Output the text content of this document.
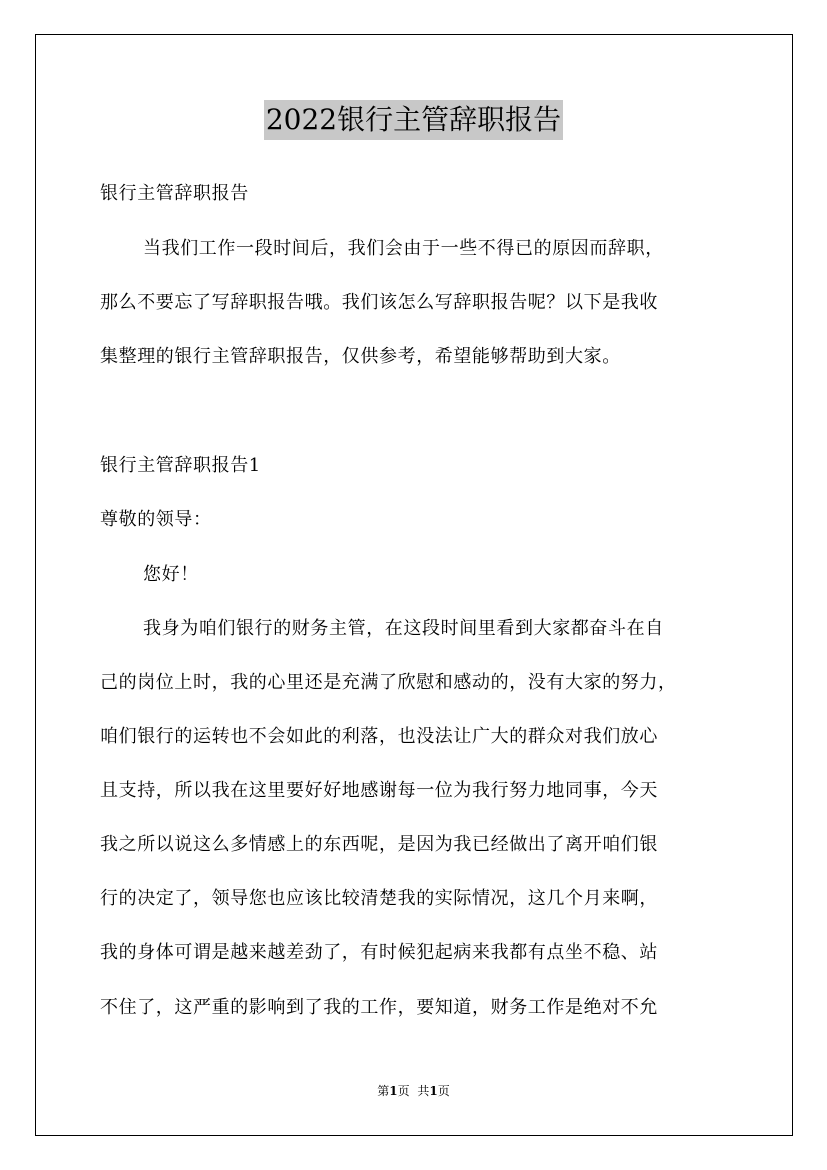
2022银行主管辞职报告
银行主管辞职报告
当我们工作一段时间后，我们会由于一些不得已的原因而辞职，
那么不要忘了写辞职报告哦。我们该怎么写辞职报告呢？以下是我收
集整理的银行主管辞职报告，仅供参考，希望能够帮助到大家。
银行主管辞职报告1
尊敬的领导：
您好！
我身为咱们银行的财务主管，在这段时间里看到大家都奋斗在自
己的岗位上时，我的心里还是充满了欣慰和感动的，没有大家的努力，
咱们银行的运转也不会如此的利落，也没法让广大的群众对我们放心
且支持，所以我在这里要好好地感谢每一位为我行努力地同事，今天
我之所以说这么多情感上的东西呢，是因为我已经做出了离开咱们银
行的决定了，领导您也应该比较清楚我的实际情况，这几个月来啊，
我的身体可谓是越来越差劲了，有时候犯起病来我都有点坐不稳、站
不住了，这严重的影响到了我的工作，要知道，财务工作是绝对不允
第1页 共1页
